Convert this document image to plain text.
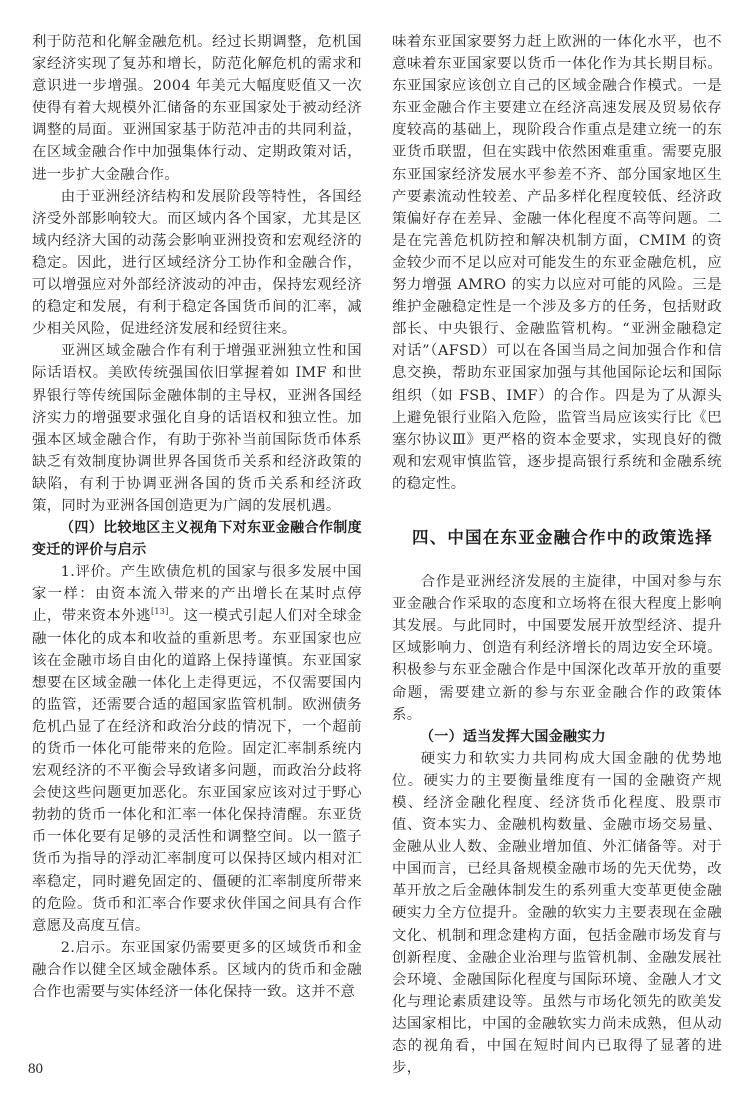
利于防范和化解金融危机。经过长期调整，危机国家经济实现了复苏和增长，防范化解危机的需求和意识进一步增强。2004 年美元大幅度贬值又一次使得有着大规模外汇储备的东亚国家处于被动经济调整的局面。亚洲国家基于防范冲击的共同利益，在区域金融合作中加强集体行动、定期政策对话，进一步扩大金融合作。

由于亚洲经济结构和发展阶段等特性，各国经济受外部影响较大。而区域内各个国家，尤其是区域内经济大国的动荡会影响亚洲投资和宏观经济的稳定。因此，进行区域经济分工协作和金融合作，可以增强应对外部经济波动的冲击，保持宏观经济的稳定和发展，有利于稳定各国货币间的汇率，减少相关风险，促进经济发展和经贸往来。

亚洲区域金融合作有利于增强亚洲独立性和国际话语权。美欧传统强国依旧掌握着如 IMF 和世界银行等传统国际金融体制的主导权，亚洲各国经济实力的增强要求强化自身的话语权和独立性。加强本区域金融合作，有助于弥补当前国际货币体系缺乏有效制度协调世界各国货币关系和经济政策的缺陷，有利于协调亚洲各国的货币关系和经济政策，同时为亚洲各国创造更为广阔的发展机遇。

（四）比较地区主义视角下对东亚金融合作制度变迁的评价与启示

1.评价。产生欧债危机的国家与很多发展中国家一样：由资本流入带来的产出增长在某时点停止，带来资本外逃[13]。这一模式引起人们对全球金融一体化的成本和收益的重新思考。东亚国家也应该在金融市场自由化的道路上保持谨慎。东亚国家想要在区域金融一体化上走得更远，不仅需要国内的监管，还需要合适的超国家监管机制。欧洲债务危机凸显了在经济和政治分歧的情况下，一个超前的货币一体化可能带来的危险。固定汇率制系统内宏观经济的不平衡会导致诸多问题，而政治分歧将会使这些问题更加恶化。东亚国家应该对过于野心勃勃的货币一体化和汇率一体化保持清醒。东亚货币一体化要有足够的灵活性和调整空间。以一篮子货币为指导的浮动汇率制度可以保持区域内相对汇率稳定，同时避免固定的、僵硬的汇率制度所带来的危险。货币和汇率合作要求伙伴国之间具有合作意愿及高度互信。

2.启示。东亚国家仍需要更多的区域货币和金融合作以健全区域金融体系。区域内的货币和金融合作也需要与实体经济一体化保持一致。这并不意

味着东亚国家要努力赶上欧洲的一体化水平，也不意味着东亚国家要以货币一体化作为其长期目标。东亚国家应该创立自己的区域金融合作模式。一是东亚金融合作主要建立在经济高速发展及贸易依存度较高的基础上，现阶段合作重点是建立统一的东亚货币联盟，但在实践中依然困难重重。需要克服东亚国家经济发展水平参差不齐、部分国家地区生产要素流动性较差、产品多样化程度较低、经济政策偏好存在差异、金融一体化程度不高等问题。二是在完善危机防控和解决机制方面，CMIM 的资金较少而不足以应对可能发生的东亚金融危机，应努力增强 AMRO 的实力以应对可能的风险。三是维护金融稳定性是一个涉及多方的任务，包括财政部长、中央银行、金融监管机构。“亚洲金融稳定对话”（AFSD）可以在各国当局之间加强合作和信息交换，帮助东亚国家加强与其他国际论坛和国际组织（如 FSB、IMF）的合作。四是为了从源头上避免银行业陷入危险，监管当局应该实行比《巴塞尔协议Ⅲ》更严格的资本金要求，实现良好的微观和宏观审慎监管，逐步提高银行系统和金融系统的稳定性。

四、中国在东亚金融合作中的政策选择

合作是亚洲经济发展的主旋律，中国对参与东亚金融合作采取的态度和立场将在很大程度上影响其发展。与此同时，中国要发展开放型经济、提升区域影响力、创造有利经济增长的周边安全环境。积极参与东亚金融合作是中国深化改革开放的重要命题，需要建立新的参与东亚金融合作的政策体系。

（一）适当发挥大国金融实力

硬实力和软实力共同构成大国金融的优势地位。硬实力的主要衡量维度有一国的金融资产规模、经济金融化程度、经济货币化程度、股票市值、资本实力、金融机构数量、金融市场交易量、金融从业人数、金融业增加值、外汇储备等。对于中国而言，已经具备规模金融市场的先天优势，改革开放之后金融体制发生的系列重大变革更使金融硬实力全方位提升。金融的软实力主要表现在金融文化、机制和理念建构方面，包括金融市场发育与创新程度、金融企业治理与监管机制、金融发展社会环境、金融国际化程度与国际环境、金融人才文化与理论素质建设等。虽然与市场化领先的欧美发达国家相比，中国的金融软实力尚未成熟，但从动态的视角看，中国在短时间内已取得了显著的进步，

80
